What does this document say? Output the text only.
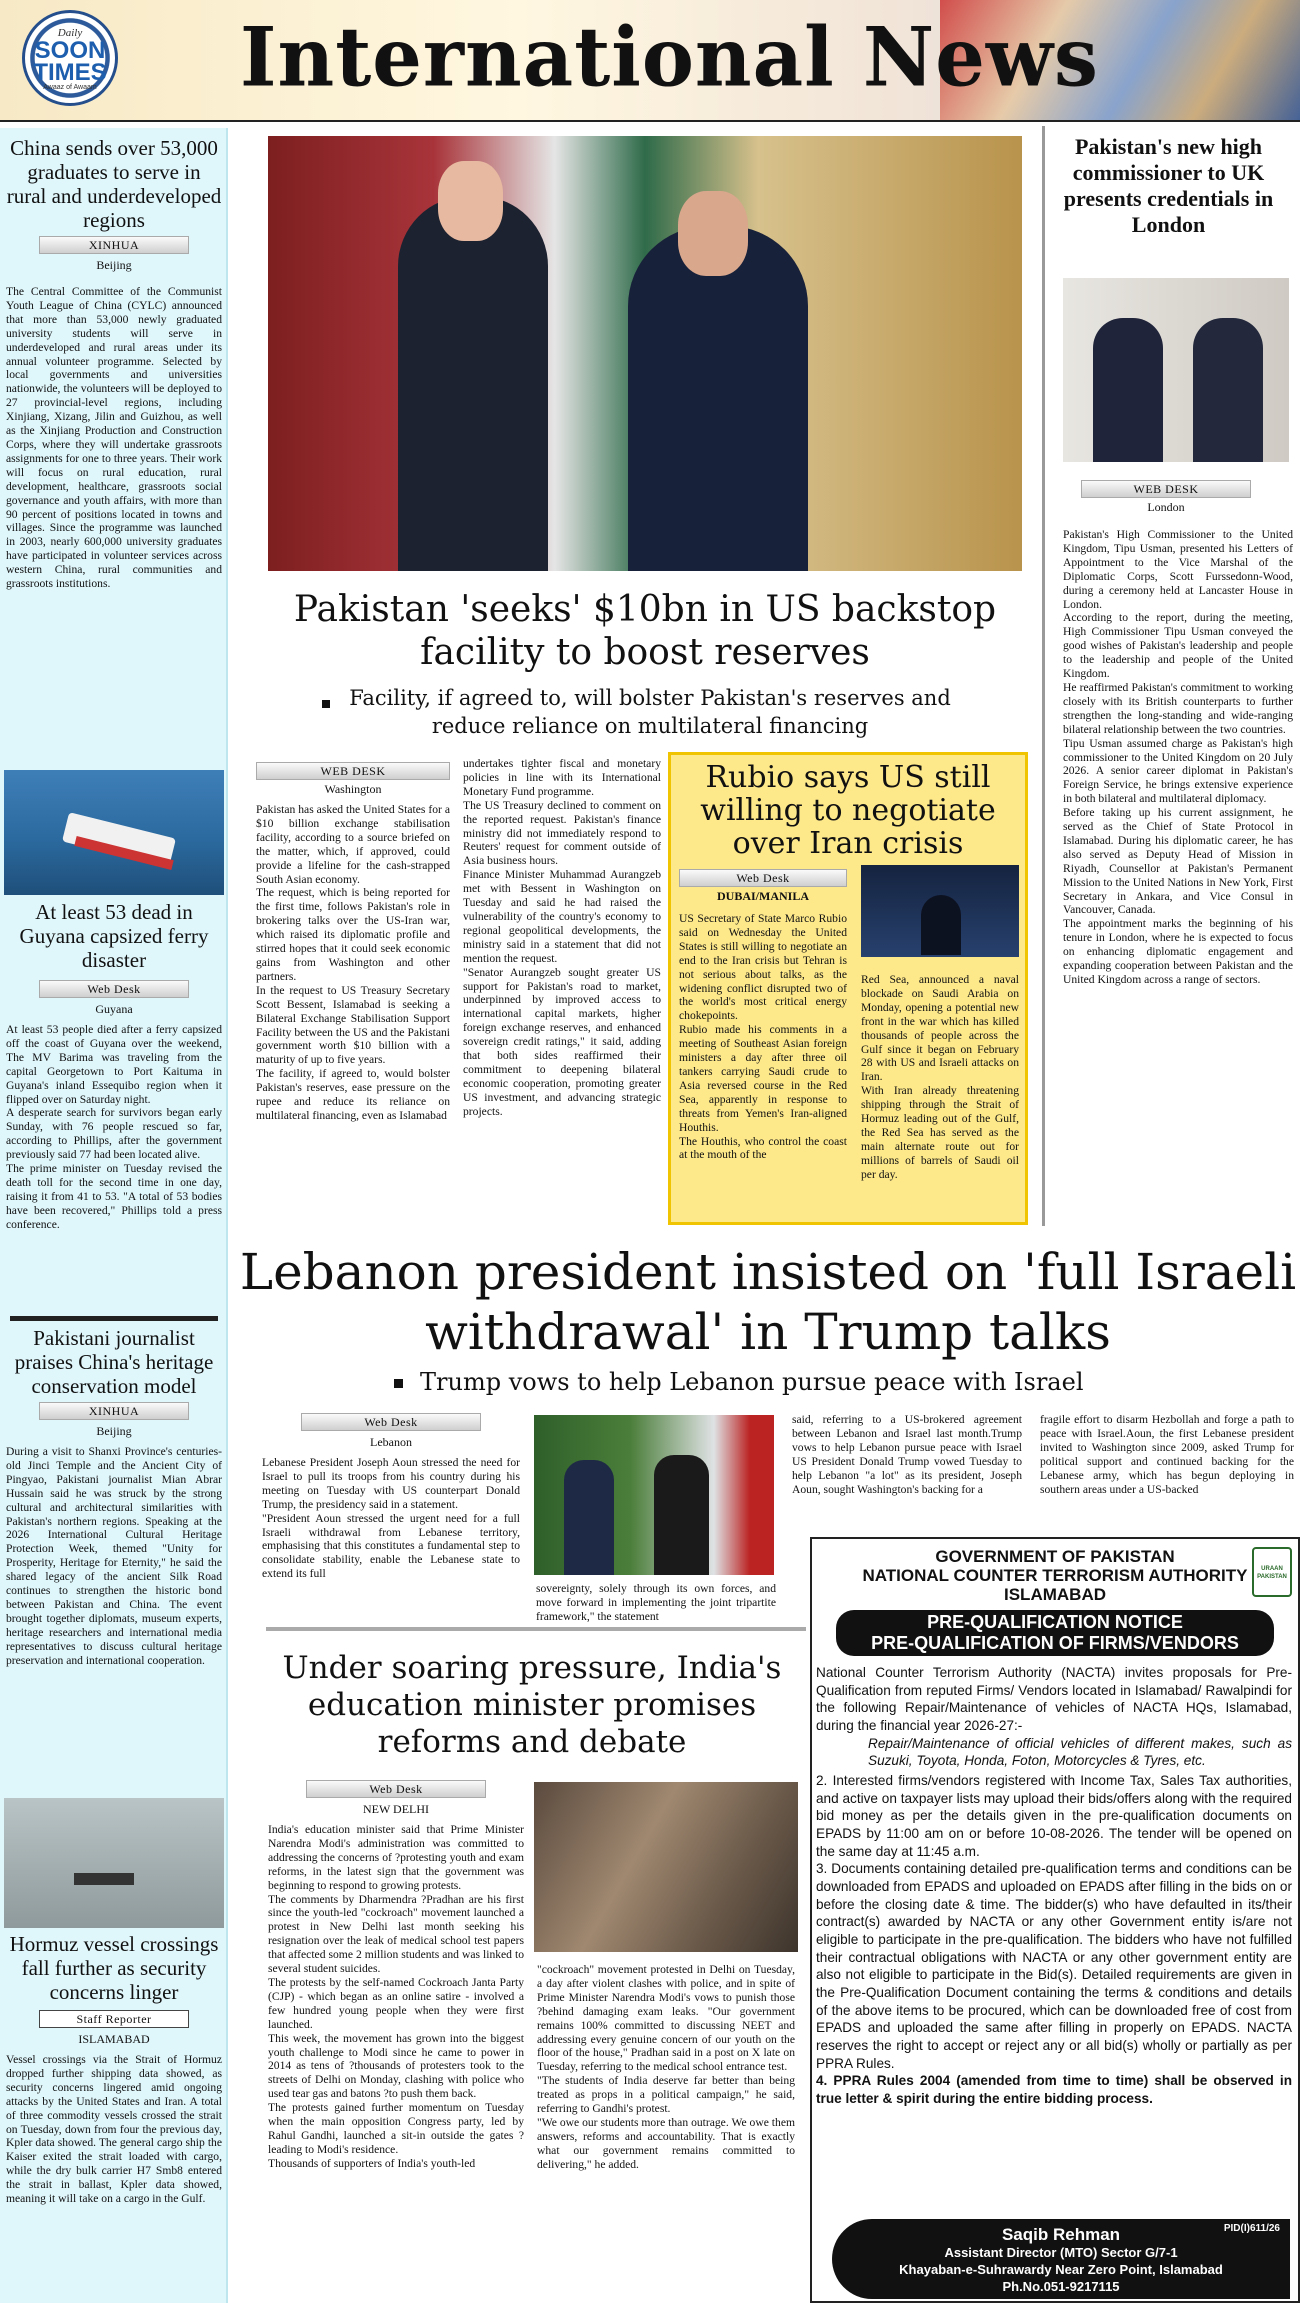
Daily
SOON TIMES
Awaaz of Awaam International News
China sends over 53,000 graduates to serve in rural and underdeveloped regions
XINHUA
Beijing

The Central Committee of the Communist Youth League of China (CYLC) announced that more than 53,000 newly graduated university students will serve in underdeveloped and rural areas under its annual volunteer programme. Selected by local governments and universities nationwide, the volunteers will be deployed to 27 provincial-level regions, including Xinjiang, Xizang, Jilin and Guizhou, as well as the Xinjiang Production and Construction Corps, where they will undertake grassroots assignments for one to three years. Their work will focus on rural education, rural development, healthcare, grassroots social governance and youth affairs, with more than 90 percent of positions located in towns and villages. Since the programme was launched in 2003, nearly 600,000 university graduates have participated in volunteer services across western China, rural communities and grassroots institutions.

At least 53 dead in Guyana capsized ferry disaster
Web Desk
Guyana

At least 53 people died after a ferry capsized off the coast of Guyana over the weekend, The MV Barima was traveling from the capital Georgetown to Port Kaituma in Guyana's inland Essequibo region when it flipped over on Saturday night.

A desperate search for survivors began early Sunday, with 76 people rescued so far, according to Phillips, after the government previously said 77 had been located alive.

The prime minister on Tuesday revised the death toll for the second time in one day, raising it from 41 to 53. "A total of 53 bodies have been recovered," Phillips told a press conference.

Pakistani journalist praises China's heritage conservation model
XINHUA
Beijing

During a visit to Shanxi Province's centuries-old Jinci Temple and the Ancient City of Pingyao, Pakistani journalist Mian Abrar Hussain said he was struck by the strong cultural and architectural similarities with Pakistan's northern regions. Speaking at the 2026 International Cultural Heritage Protection Week, themed "Unity for Prosperity, Heritage for Eternity," he said the shared legacy of the ancient Silk Road continues to strengthen the historic bond between Pakistan and China. The event brought together diplomats, museum experts, heritage researchers and international media representatives to discuss cultural heritage preservation and international cooperation.

Hormuz vessel crossings fall further as security concerns linger
Staff Reporter
ISLAMABAD

Vessel crossings via the Strait of Hormuz dropped further shipping data showed, as security concerns lingered amid ongoing attacks by the United States and Iran. A total of three commodity vessels crossed the strait on Tuesday, down from four the previous day, Kpler data showed. The general cargo ship the Kaiser exited the strait loaded with cargo, while the dry bulk carrier H7 Smb8 entered the strait in ballast, Kpler data showed, meaning it will take on a cargo in the Gulf.

Pakistan 'seeks' $10bn in US backstop facility to boost reserves
Facility, if agreed to, will bolster Pakistan's reserves and reduce reliance on multilateral financing
WEB DESK
Washington

Pakistan has asked the United States for a $10 billion exchange stabilisation facility, according to a source briefed on the matter, which, if approved, could provide a lifeline for the cash-strapped South Asian economy.
The request, which is being reported for the first time, follows Pakistan's role in brokering talks over the US-Iran war, which raised its diplomatic profile and stirred hopes that it could seek economic gains from Washington and other partners.
In the request to US Treasury Secretary Scott Bessent, Islamabad is seeking a Bilateral Exchange Stabilisation Support Facility between the US and the Pakistani government worth $10 billion with a maturity of up to five years.
The facility, if agreed to, would bolster Pakistan's reserves, ease pressure on the rupee and reduce its reliance on multilateral financing, even as Islamabad

undertakes tighter fiscal and monetary policies in line with its International Monetary Fund programme.
The US Treasury declined to comment on the reported request. Pakistan's finance ministry did not immediately respond to Reuters' request for comment outside of Asia business hours.
Finance Minister Muhammad Aurangzeb met with Bessent in Washington on Tuesday and said he had raised the vulnerability of the country's economy to regional geopolitical developments, the ministry said in a statement that did not mention the request.
"Senator Aurangzeb sought greater US support for Pakistan's road to market, underpinned by improved access to international capital markets, higher foreign exchange reserves, and enhanced sovereign credit ratings," it said, adding that both sides reaffirmed their commitment to deepening bilateral economic cooperation, promoting greater US investment, and advancing strategic projects.

Rubio says US still willing to negotiate over Iran crisis
Web Desk
DUBAI/MANILA

US Secretary of State Marco Rubio said on Wednesday the United States is still willing to negotiate an end to the Iran crisis but Tehran is not serious about talks, as the widening conflict disrupted two of the world's most critical energy chokepoints.
Rubio made his comments in a meeting of Southeast Asian foreign ministers a day after three oil tankers carrying Saudi crude to Asia reversed course in the Red Sea, apparently in response to threats from Yemen's Iran-aligned Houthis.
The Houthis, who control the coast at the mouth of the

Red Sea, announced a naval blockade on Saudi Arabia on Monday, opening a potential new front in the war which has killed thousands of people across the Gulf since it began on February 28 with US and Israeli attacks on Iran.
With Iran already threatening shipping through the Strait of Hormuz leading out of the Gulf, the Red Sea has served as the main alternate route out for millions of barrels of Saudi oil per day.

Pakistan's new high commissioner to UK presents credentials in London
WEB DESK
London

Pakistan's High Commissioner to the United Kingdom, Tipu Usman, presented his Letters of Appointment to the Vice Marshal of the Diplomatic Corps, Scott Furssedonn-Wood, during a ceremony held at Lancaster House in London.
According to the report, during the meeting, High Commissioner Tipu Usman conveyed the good wishes of Pakistan's leadership and people to the leadership and people of the United Kingdom.
He reaffirmed Pakistan's commitment to working closely with its British counterparts to further strengthen the long-standing and wide-ranging bilateral relationship between the two countries.
Tipu Usman assumed charge as Pakistan's high commissioner to the United Kingdom on 20 July 2026. A senior career diplomat in Pakistan's Foreign Service, he brings extensive experience in both bilateral and multilateral diplomacy.
Before taking up his current assignment, he served as the Chief of State Protocol in Islamabad. During his diplomatic career, he has also served as Deputy Head of Mission in Riyadh, Counsellor at Pakistan's Permanent Mission to the United Nations in New York, First Secretary in Ankara, and Vice Consul in Vancouver, Canada.
The appointment marks the beginning of his tenure in London, where he is expected to focus on enhancing diplomatic engagement and expanding cooperation between Pakistan and the United Kingdom across a range of sectors.

Lebanon president insisted on 'full Israeli withdrawal' in Trump talks
Trump vows to help Lebanon pursue peace with Israel
Web Desk
Lebanon

Lebanese President Joseph Aoun stressed the need for Israel to pull its troops from his country during his meeting on Tuesday with US counterpart Donald Trump, the presidency said in a statement.
"President Aoun stressed the urgent need for a full Israeli withdrawal from Lebanese territory, emphasising that this constitutes a fundamental step to consolidate stability, enable the Lebanese state to extend its full

sovereignty, solely through its own forces, and move forward in implementing the joint tripartite framework," the statement

said, referring to a US-brokered agreement between Lebanon and Israel last month.Trump vows to help Lebanon pursue peace with Israel US President Donald Trump vowed Tuesday to help Lebanon "a lot" as its president, Joseph Aoun, sought Washington's backing for a

fragile effort to disarm Hezbollah and forge a path to peace with Israel.Aoun, the first Lebanese president invited to Washington since 2009, asked Trump for political support and continued backing for the Lebanese army, which has begun deploying in southern areas under a US-backed

Under soaring pressure, India's education minister promises reforms and debate
Web Desk
NEW DELHI

India's education minister said that Prime Minister Narendra Modi's administration was committed to addressing the concerns of ?protesting youth and exam reforms, in the latest sign that the government was beginning to respond to growing protests.
The comments by Dharmendra ?Pradhan are his first since the youth-led "cockroach" movement launched a protest in New Delhi last month seeking his resignation over the leak of medical school test papers that affected some 2 million students and was linked to several student suicides.
The protests by the self-named Cockroach Janta Party (CJP) - which began as an online satire - involved a few hundred young people when they were first launched.
This week, the movement has grown into the biggest youth challenge to Modi since he came to power in 2014 as tens of ?thousands of protesters took to the streets of Delhi on Monday, clashing with police who used tear gas and batons ?to push them back.
The protests gained further momentum on Tuesday when the main opposition Congress party, led by Rahul Gandhi, launched a sit-in outside the gates ?leading to Modi's residence.
Thousands of supporters of India's youth-led

"cockroach" movement protested in Delhi on Tuesday, a day after violent clashes with police, and in spite of Prime Minister Narendra Modi's vows to punish those ?behind damaging exam leaks. "Our government remains 100% committed to discussing NEET and addressing every genuine concern of our youth on the floor of the house," Pradhan said in a post on X late on Tuesday, referring to the medical school entrance test.
"The students of India deserve far better than being treated as props in a political campaign," he said, referring to Gandhi's protest.
"We owe our students more than outrage. We owe them answers, reforms and accountability. That is exactly what our government remains committed to delivering," he added.

GOVERNMENT OF PAKISTAN
NATIONAL COUNTER TERRORISM AUTHORITY
ISLAMABAD
URAAN PAKISTAN
PRE-QUALIFICATION NOTICE
PRE-QUALIFICATION OF FIRMS/VENDORS

National Counter Terrorism Authority (NACTA) invites proposals for Pre-Qualification from reputed Firms/ Vendors located in Islamabad/ Rawalpindi for the following Repair/Maintenance of vehicles of NACTA HQs, Islamabad, during the financial year 2026-27:-

Repair/Maintenance of official vehicles of different makes, such as Suzuki, Toyota, Honda, Foton, Motorcycles & Tyres, etc.

2. Interested firms/vendors registered with Income Tax, Sales Tax authorities, and active on taxpayer lists may upload their bids/offers along with the required bid money as per the details given in the pre-qualification documents on EPADS by 11:00 am on or before 10-08-2026. The tender will be opened on the same day at 11:45 a.m.

3. Documents containing detailed pre-qualification terms and conditions can be downloaded from EPADS and uploaded on EPADS after filling in the bids on or before the closing date & time. The bidder(s) who have defaulted in its/their contract(s) awarded by NACTA or any other Government entity is/are not eligible to participate in the pre-qualification. The bidders who have not fulfilled their contractual obligations with NACTA or any other government entity are also not eligible to participate in the Bid(s). Detailed requirements are given in the Pre-Qualification Document containing the terms & conditions and details of the above items to be procured, which can be downloaded free of cost from EPADS and uploaded the same after filling in properly on EPADS. NACTA reserves the right to accept or reject any or all bid(s) wholly or partially as per PPRA Rules.

4. PPRA Rules 2004 (amended from time to time) shall be observed in true letter & spirit during the entire bidding process.

PID(I)611/26
Saqib Rehman
Assistant Director (MTO) Sector G/7-1
Khayaban-e-Suhrawardy Near Zero Point, Islamabad
Ph.No.051-9217115
